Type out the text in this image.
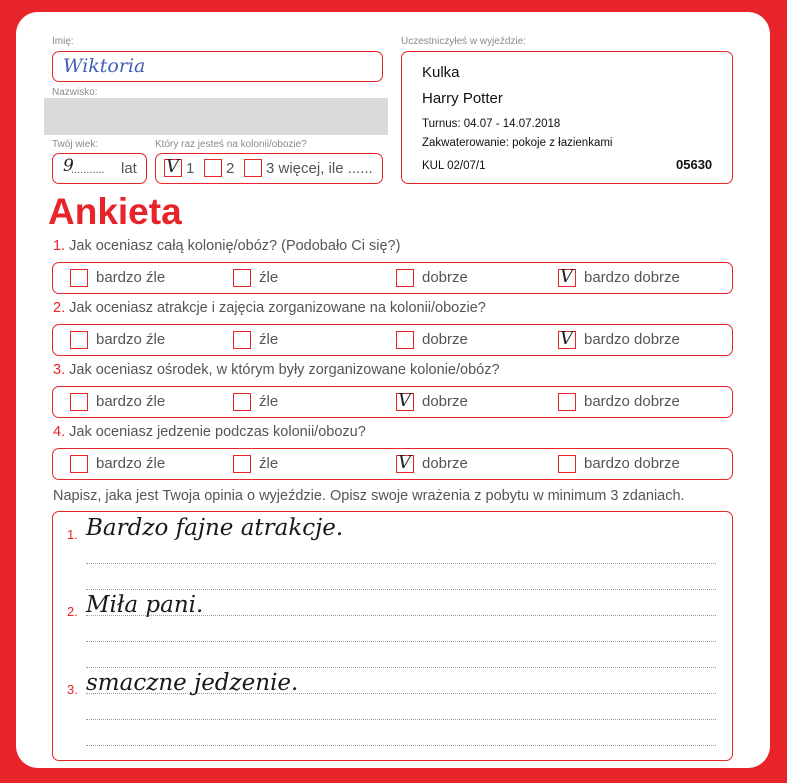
Imię:
Wiktoria
Nazwisko:
Twój wiek:
9
........... lat
Który raz jesteś na kolonii/obozie?
V 1 2 3 więcej, ile ......
Uczestniczyłeś w wyjeździe:
Kulka
Harry Potter
Turnus: 04.07 - 14.07.2018
Zakwaterowanie: pokoje z łazienkami
KUL 02/07/1	05630
Ankieta
1. Jak oceniasz całą kolonię/obóz? (Podobało Ci się?)
bardzo źle	źle	dobrze	V bardzo dobrze
2. Jak oceniasz atrakcje i zajęcia zorganizowane na kolonii/obozie?
bardzo źle	źle	dobrze	V bardzo dobrze
3. Jak oceniasz ośrodek, w którym były zorganizowane kolonie/obóz?
bardzo źle	źle	V dobrze	bardzo dobrze
4. Jak oceniasz jedzenie podczas kolonii/obozu?
bardzo źle	źle	V dobrze	bardzo dobrze
Napisz, jaka jest Twoja opinia o wyjeździe. Opisz swoje wrażenia z pobytu w minimum 3 zdaniach.
1. Bardzo fajne atrakcje.
2. Miła pani.
3. smaczne jedzenie.
